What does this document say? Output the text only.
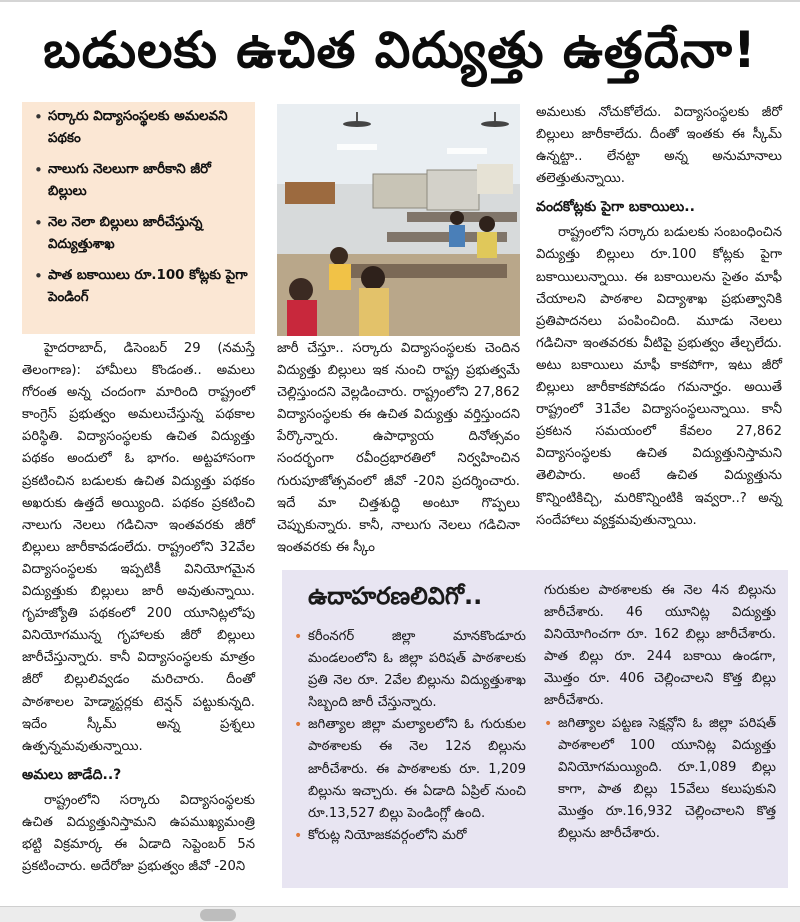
బడులకు ఉచిత విద్యుత్తు ఉత్తదేనా!
• సర్కారు విద్యాసంస్థలకు అమలవని పథకం
• నాలుగు నెలలుగా జారీకాని జీరో బిల్లులు
• నెల నెలా బిల్లులు జారీచేస్తున్న విద్యుత్తుశాఖ
• పాత బకాయిలు రూ.100 కోట్లకు పైగా పెండింగ్

హైదరాబాద్, డిసెంబర్ 29 (నమస్తే తెలంగాణ): హామీలు కొండంత.. అమలు గోరంత అన్న చందంగా మారింది రాష్ట్రంలో కాంగ్రెస్ ప్రభుత్వం అమలుచేస్తున్న పథకాల పరిస్థితి. విద్యాసంస్థలకు ఉచిత విద్యుత్తు పథకం అందులో ఓ భాగం. అట్టహాసంగా ప్రకటించిన బడులకు ఉచిత విద్యుత్తు పథకం అఖరుకు ఉత్తదే అయ్యింది. పథకం ప్రకటించి నాలుగు నెలలు గడిచినా ఇంతవరకు జీరో బిల్లులు జారీకావడంలేదు. రాష్ట్రంలోని 32వేల విద్యాసంస్థలకు ఇప్పటికీ వినియోగమైన విద్యుత్తుకు బిల్లులు జారీ అవుతున్నాయి. గృహజ్యోతి పథకంలో 200 యూనిట్లలోపు వినియోగమున్న గృహాలకు జీరో బిల్లులు జారీచేస్తున్నారు. కానీ విద్యాసంస్థలకు మాత్రం జీరో బిల్లులివ్వడం మరిచారు. దీంతో పాఠశాలల హెడ్మాస్టర్లకు టెన్షన్ పట్టుకున్నది. ఇదేం స్కీమ్ అన్న ప్రశ్నలు ఉత్పన్నమవుతున్నాయి.

అమలు జాడేది..?

రాష్ట్రంలోని సర్కారు విద్యాసంస్థలకు ఉచిత విద్యుత్తునిస్తామని ఉపముఖ్యమంత్రి భట్టి విక్రమార్క ఈ ఏడాది సెప్టెంబర్ 5న ప్రకటించారు. అదేరోజు ప్రభుత్వం జీవో -20ని

జారీ చేస్తూ.. సర్కారు విద్యాసంస్థలకు చెందిన విద్యుత్తు బిల్లులు ఇక నుంచి రాష్ట్ర ప్రభుత్వమే చెల్లిస్తుందని వెల్లడించారు. రాష్ట్రంలోని 27,862 విద్యాసంస్థలకు ఈ ఉచిత విద్యుత్తు వర్తిస్తుందని పేర్కొన్నారు. ఉపాధ్యాయ దినోత్సవం సందర్భంగా రవీంద్రభారతిలో నిర్వహించిన గురుపూజోత్సవంలో జీవో -20ని ప్రదర్శించారు. ఇదే మా చిత్తశుద్ధి అంటూ గొప్పలు చెప్పుకున్నారు. కానీ, నాలుగు నెలలు గడిచినా ఇంతవరకు ఈ స్కీం

అమలుకు నోచుకోలేదు. విద్యాసంస్థలకు జీరో బిల్లులు జారీకాలేదు. దీంతో ఇంతకు ఈ స్కీమ్ ఉన్నట్టా.. లేనట్టా అన్న అనుమానాలు తలెత్తుతున్నాయి.

వందకోట్లకు పైగా బకాయిలు..

రాష్ట్రంలోని సర్కారు బడులకు సంబంధించిన విద్యుత్తు బిల్లులు రూ.100 కోట్లకు పైగా బకాయిలున్నాయి. ఈ బకాయిలను సైతం మాఫీ చేయాలని పాఠశాల విద్యాశాఖ ప్రభుత్వానికి ప్రతిపాదనలు పంపించింది. మూడు నెలలు గడిచినా ఇంతవరకు వీటిపై ప్రభుత్వం తేల్చలేదు. అటు బకాయిలు మాఫీ కాకపోగా, ఇటు జీరో బిల్లులు జారీకాకపోవడం గమనార్హం. అయితే రాష్ట్రంలో 31వేల విద్యాసంస్థలున్నాయి. కానీ ప్రకటన సమయంలో కేవలం 27,862 విద్యాసంస్థలకు ఉచిత విద్యుత్తునిస్తామని తెలిపారు. అంటే ఉచిత విద్యుత్తును కొన్నింటికిచ్చి, మరికొన్నింటికి ఇవ్వరా..? అన్న సందేహాలు వ్యక్తమవుతున్నాయి.

ఉదాహరణలివిగో..
• కరీంనగర్ జిల్లా మానకొండూరు మండలంలోని ఓ జిల్లా పరిషత్ పాఠశాలకు ప్రతి నెల రూ. 2వేల బిల్లును విద్యుత్తుశాఖ సిబ్బంది జారీ చేస్తున్నారు.
• జగిత్యాల జిల్లా మల్యాలలోని ఓ గురుకుల పాఠశాలకు ఈ నెల 12న బిల్లును జారీచేశారు. ఈ పాఠశాలకు రూ. 1,209 బిల్లును ఇచ్చారు. ఈ ఏడాది ఏప్రిల్ నుంచి రూ.13,527 బిల్లు పెండింగ్లో ఉంది.
• కోరుట్ల నియోజకవర్గంలోని మరో

గురుకుల పాఠశాలకు ఈ నెల 4న బిల్లును జారీచేశారు. 46 యూనిట్ల విద్యుత్తు వినియోగించగా రూ. 162 బిల్లు జారీచేశారు. పాత బిల్లు రూ. 244 బకాయి ఉండగా, మొత్తం రూ. 406 చెల్లించాలని కొత్త బిల్లు జారీచేశారు.

• జగిత్యాల పట్టణ సెక్షన్లోని ఓ జిల్లా పరిషత్ పాఠశాలలో 100 యూనిట్ల విద్యుత్తు వినియోగమయ్యింది. రూ.1,089 బిల్లు కాగా, పాత బిల్లు 15వేలు కలుపుకుని మొత్తం రూ.16,932 చెల్లించాలని కొత్త బిల్లును జారీచేశారు.
